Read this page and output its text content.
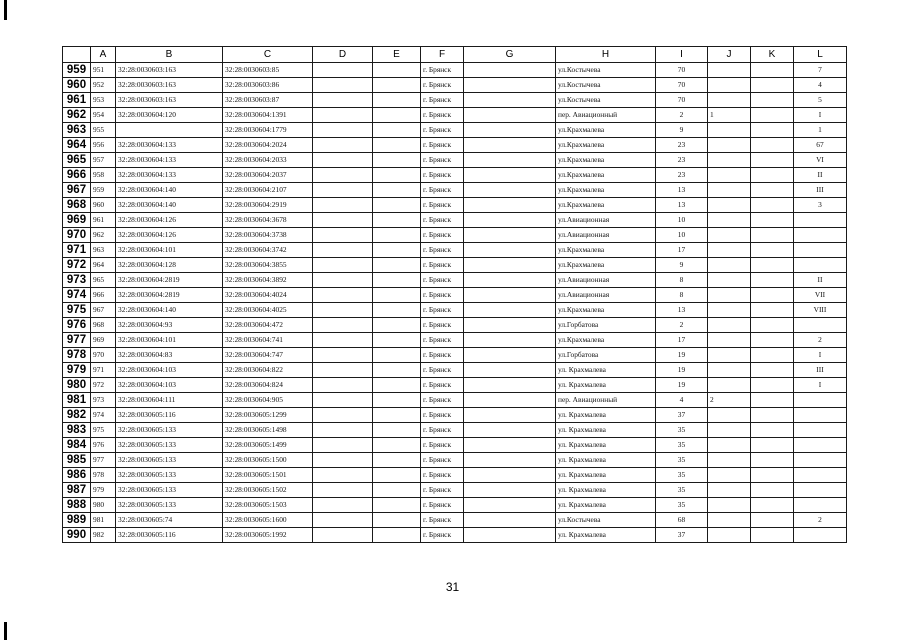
	A	B	C	D	E	F	G	H	I	J	K	L
959	951	32:28:0030603:163	32:28:0030603:85			г. Брянск		ул.Костычева	70			7
960	952	32:28:0030603:163	32:28:0030603:86			г. Брянск		ул.Костычева	70			4
961	953	32:28:0030603:163	32:28:0030603:87			г. Брянск		ул.Костычева	70			5
962	954	32:28:0030604:120	32:28:0030604:1391			г. Брянск		пер. Авиационный	2	1		I
963	955		32:28:0030604:1779			г. Брянск		ул.Крахмалева	9			1
964	956	32:28:0030604:133	32:28:0030604:2024			г. Брянск		ул.Крахмалева	23			67
965	957	32:28:0030604:133	32:28:0030604:2033			г. Брянск		ул.Крахмалева	23			VI
966	958	32:28:0030604:133	32:28:0030604:2037			г. Брянск		ул.Крахмалева	23			II
967	959	32:28:0030604:140	32:28:0030604:2107			г. Брянск		ул.Крахмалева	13			III
968	960	32:28:0030604:140	32:28:0030604:2919			г. Брянск		ул.Крахмалева	13			3
969	961	32:28:0030604:126	32:28:0030604:3678			г. Брянск		ул.Авиационная	10			
970	962	32:28:0030604:126	32:28:0030604:3738			г. Брянск		ул.Авиационная	10			
971	963	32:28:0030604:101	32:28:0030604:3742			г. Брянск		ул.Крахмалева	17			
972	964	32:28:0030604:128	32:28:0030604:3855			г. Брянск		ул.Крахмалева	9			
973	965	32:28:0030604:2819	32:28:0030604:3892			г. Брянск		ул.Авиационная	8			II
974	966	32:28:0030604:2819	32:28:0030604:4024			г. Брянск		ул.Авиационная	8			VII
975	967	32:28:0030604:140	32:28:0030604:4025			г. Брянск		ул.Крахмалева	13			VIII
976	968	32:28:0030604:93	32:28:0030604:472			г. Брянск		ул.Горбатова	2			
977	969	32:28:0030604:101	32:28:0030604:741			г. Брянск		ул.Крахмалева	17			2
978	970	32:28:0030604:83	32:28:0030604:747			г. Брянск		ул.Горбатова	19			I
979	971	32:28:0030604:103	32:28:0030604:822			г. Брянск		ул. Крахмалева	19			III
980	972	32:28:0030604:103	32:28:0030604:824			г. Брянск		ул. Крахмалева	19			I
981	973	32:28:0030604:111	32:28:0030604:905			г. Брянск		пер. Авиационный	4	2		
982	974	32:28:0030605:116	32:28:0030605:1299			г. Брянск		ул. Крахмалева	37			
983	975	32:28:0030605:133	32:28:0030605:1498			г. Брянск		ул. Крахмалева	35			
984	976	32:28:0030605:133	32:28:0030605:1499			г. Брянск		ул. Крахмалева	35			
985	977	32:28:0030605:133	32:28:0030605:1500			г. Брянск		ул. Крахмалева	35			
986	978	32:28:0030605:133	32:28:0030605:1501			г. Брянск		ул. Крахмалева	35			
987	979	32:28:0030605:133	32:28:0030605:1502			г. Брянск		ул. Крахмалева	35			
988	980	32:28:0030605:133	32:28:0030605:1503			г. Брянск		ул. Крахмалева	35			
989	981	32:28:0030605:74	32:28:0030605:1600			г. Брянск		ул.Костычева	68			2
990	982	32:28:0030605:116	32:28:0030605:1992			г. Брянск		ул. Крахмалева	37			
31
